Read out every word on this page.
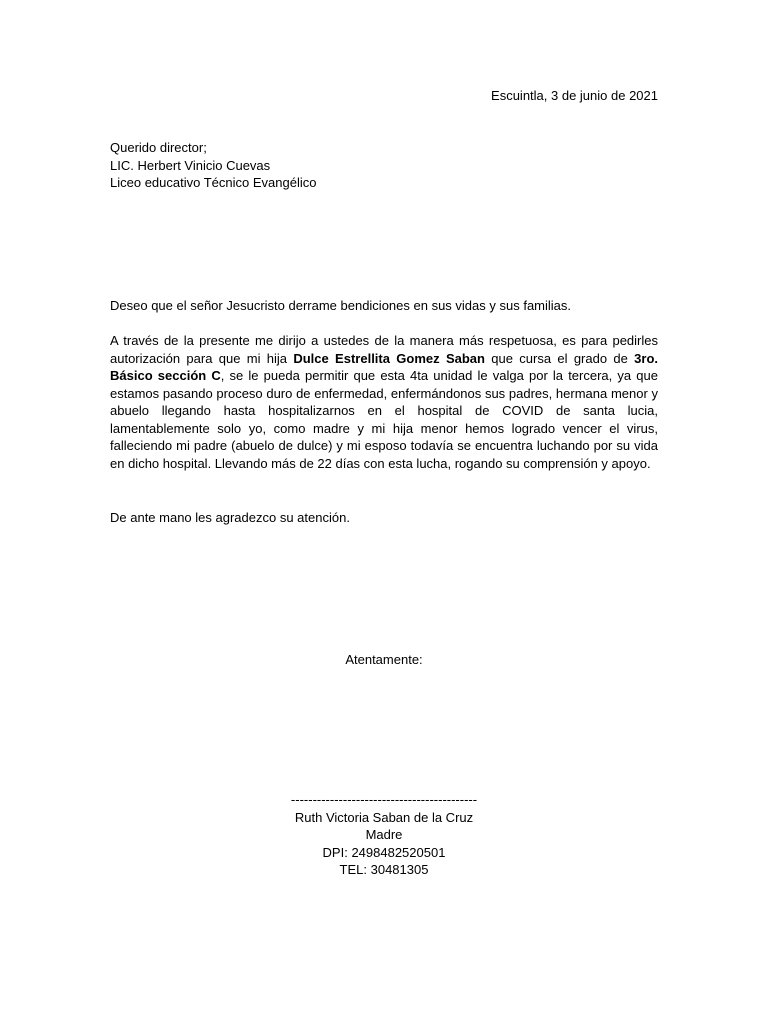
Escuintla, 3 de junio de 2021
Querido director;
LIC. Herbert Vinicio Cuevas
Liceo educativo Técnico Evangélico
Deseo que el señor Jesucristo derrame bendiciones en sus vidas y sus familias.
A través de la presente me dirijo a ustedes de la manera más respetuosa, es para pedirles autorización para que mi hija Dulce Estrellita Gomez Saban que cursa el grado de 3ro. Básico sección C, se le pueda permitir que esta 4ta unidad le valga por la tercera, ya que estamos pasando proceso duro de enfermedad, enfermándonos sus padres, hermana menor y abuelo llegando hasta hospitalizarnos en el hospital de COVID de santa lucia, lamentablemente solo yo, como madre y mi hija menor hemos logrado vencer el virus, falleciendo mi padre (abuelo de dulce) y mi esposo todavía se encuentra luchando por su vida en dicho hospital. Llevando más de 22 días con esta lucha, rogando su comprensión y apoyo.
De ante mano les agradezco su atención.
Atentamente:
-------------------------------------------
Ruth Victoria Saban de la Cruz
Madre
DPI: 2498482520501
TEL: 30481305
